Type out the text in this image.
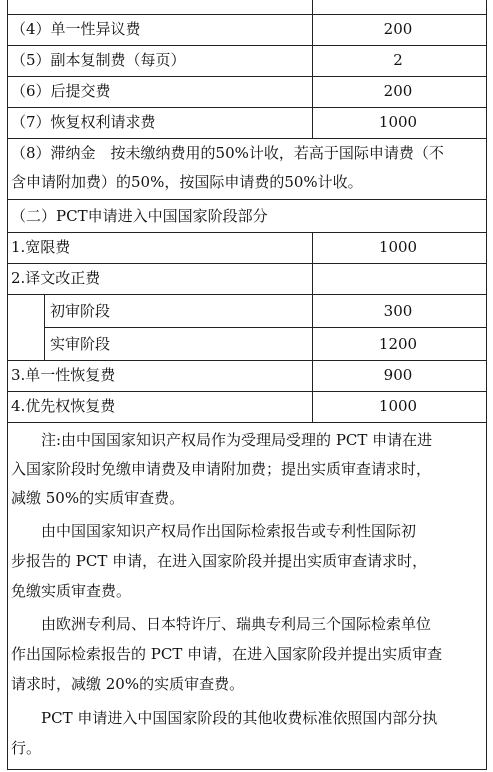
（4）单一性异议费	200
（5）副本复制费（每页）	2
（6）后提交费	200
（7）恢复权利请求费	1000
（8）滞纳金　按未缴纳费用的50%计收，若高于国际申请费（不
含申请附加费）的50%，按国际申请费的50%计收。
（二）PCT申请进入中国国家阶段部分
1.宽限费	1000
2.译文改正费
初审阶段	300
实审阶段	1200
3.单一性恢复费	900
4.优先权恢复费	1000
　　注:由中国国家知识产权局作为受理局受理的 PCT 申请在进
入国家阶段时免缴申请费及申请附加费；提出实质审查请求时，
减缴 50%的实质审查费。
　　由中国国家知识产权局作出国际检索报告或专利性国际初
步报告的 PCT 申请，在进入国家阶段并提出实质审查请求时，
免缴实质审查费。
　　由欧洲专利局、日本特许厅、瑞典专利局三个国际检索单位
作出国际检索报告的 PCT 申请，在进入国家阶段并提出实质审查
请求时，减缴 20%的实质审查费。
　　PCT 申请进入中国国家阶段的其他收费标准依照国内部分执
行。
